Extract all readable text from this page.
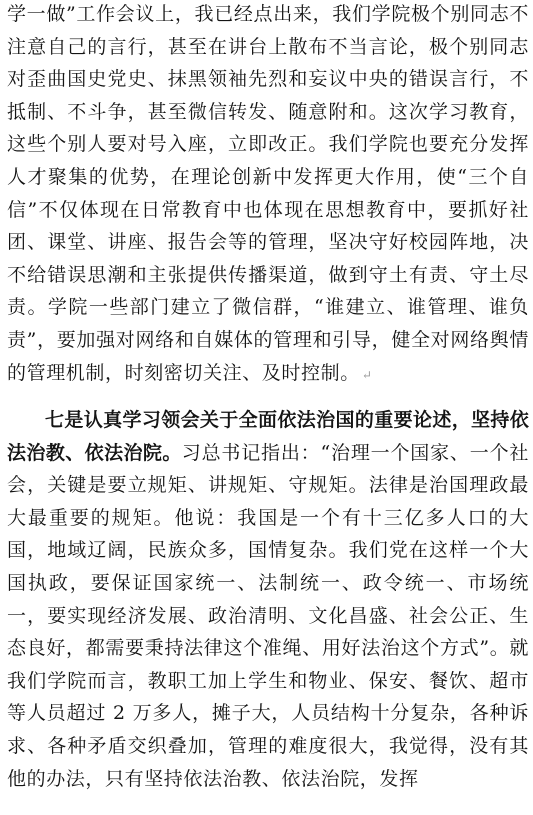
学一做”工作会议上，我已经点出来，我们学院极个别同志不注意自己的言行，甚至在讲台上散布不当言论，极个别同志对歪曲国史党史、抹黑领袖先烈和妄议中央的错误言行，不抵制、不斗争，甚至微信转发、随意附和。这次学习教育，这些个别人要对号入座，立即改正。我们学院也要充分发挥人才聚集的优势，在理论创新中发挥更大作用，使“三个自信”不仅体现在日常教育中也体现在思想教育中，要抓好社团、课堂、讲座、报告会等的管理，坚决守好校园阵地，决不给错误思潮和主张提供传播渠道，做到守土有责、守土尽责。学院一些部门建立了微信群，“谁建立、谁管理、谁负责”，要加强对网络和自媒体的管理和引导，健全对网络舆情的管理机制，时刻密切关注、及时控制。 ↵

七是认真学习领会关于全面依法治国的重要论述，坚持依法治教、依法治院。习总书记指出：“治理一个国家、一个社会，关键是要立规矩、讲规矩、守规矩。法律是治国理政最大最重要的规矩。他说：我国是一个有十三亿多人口的大国，地域辽阔，民族众多，国情复杂。我们党在这样一个大国执政，要保证国家统一、法制统一、政令统一、市场统一，要实现经济发展、政治清明、文化昌盛、社会公正、生态良好，都需要秉持法律这个准绳、用好法治这个方式”。就我们学院而言，教职工加上学生和物业、保安、餐饮、超市等人员超过 2 万多人，摊子大，人员结构十分复杂，各种诉求、各种矛盾交织叠加，管理的难度很大，我觉得，没有其他的办法，只有坚持依法治教、依法治院，发挥
